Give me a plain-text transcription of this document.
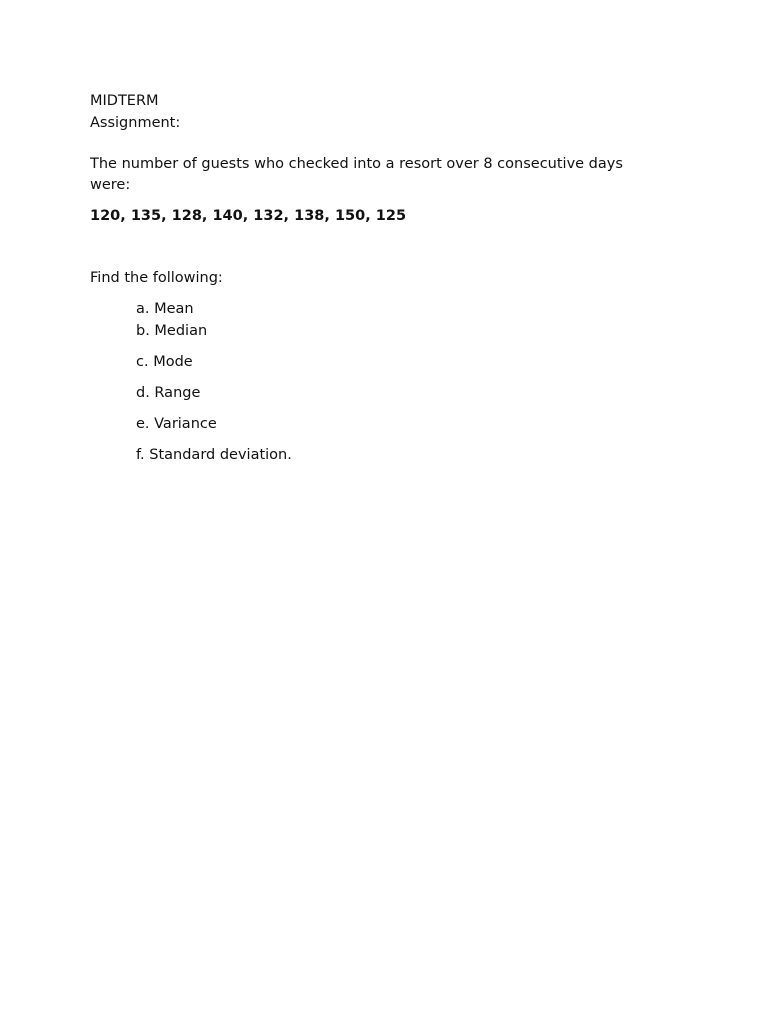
MIDTERM
Assignment:
The number of guests who checked into a resort over 8 consecutive days were:
120, 135, 128, 140, 132, 138, 150, 125
Find the following:
a. Mean
b. Median
c. Mode
d. Range
e. Variance
f. Standard deviation.
